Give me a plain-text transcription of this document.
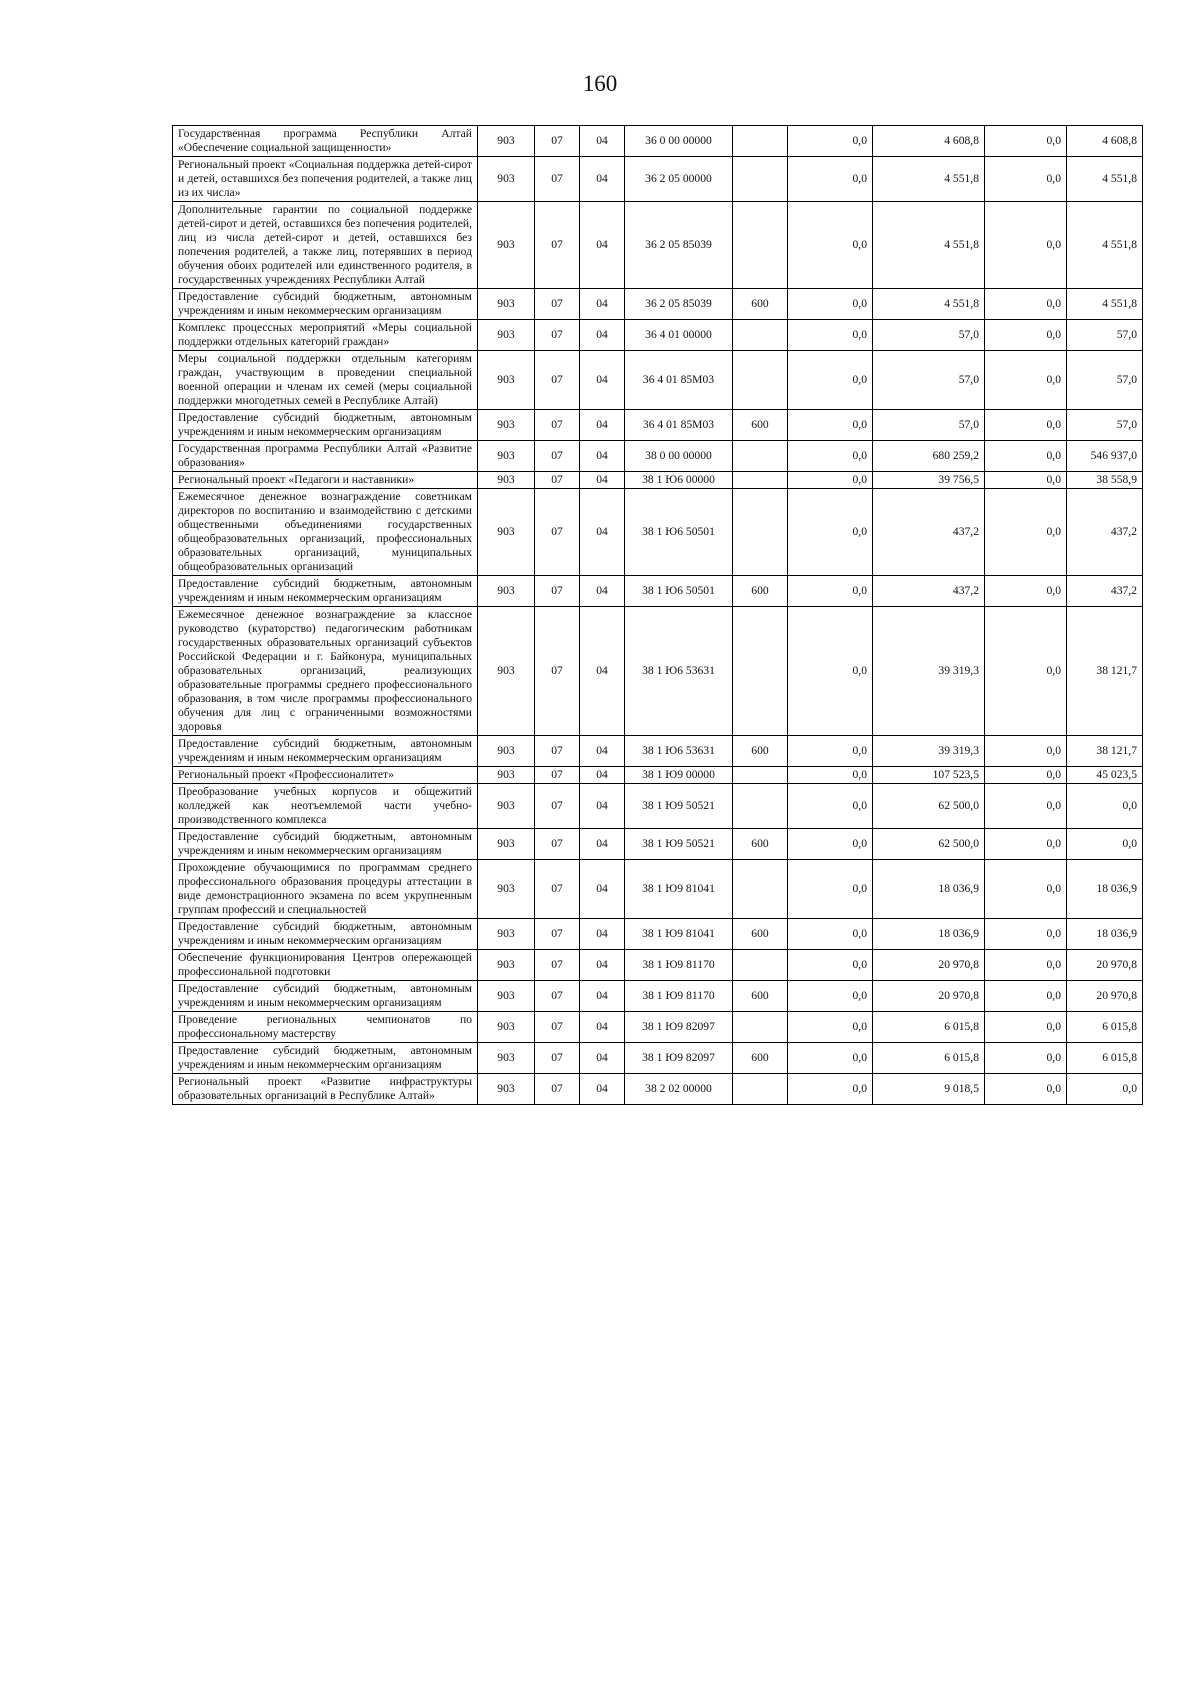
160
Государственная программа Республики Алтай «Обеспечение социальной защищенности»	903	07	04	36 0 00 00000		0,0	4 608,8	0,0	4 608,8
Региональный проект «Социальная поддержка детей-сирот и детей, оставшихся без попечения родителей, а также лиц из их числа»	903	07	04	36 2 05 00000		0,0	4 551,8	0,0	4 551,8
Дополнительные гарантии по социальной поддержке детей-сирот и детей, оставшихся без попечения родителей, лиц из числа детей-сирот и детей, оставшихся без попечения родителей, а также лиц, потерявших в период обучения обоих родителей или единственного родителя, в государственных учреждениях Республики Алтай	903	07	04	36 2 05 85039		0,0	4 551,8	0,0	4 551,8
Предоставление субсидий бюджетным, автономным учреждениям и иным некоммерческим организациям	903	07	04	36 2 05 85039	600	0,0	4 551,8	0,0	4 551,8
Комплекс процессных мероприятий «Меры социальной поддержки отдельных категорий граждан»	903	07	04	36 4 01 00000		0,0	57,0	0,0	57,0
Меры социальной поддержки отдельным категориям граждан, участвующим в проведении специальной военной операции и членам их семей (меры социальной поддержки многодетных семей в Республике Алтай)	903	07	04	36 4 01 85М03		0,0	57,0	0,0	57,0
Предоставление субсидий бюджетным, автономным учреждениям и иным некоммерческим организациям	903	07	04	36 4 01 85М03	600	0,0	57,0	0,0	57,0
Государственная программа Республики Алтай «Развитие образования»	903	07	04	38 0 00 00000		0,0	680 259,2	0,0	546 937,0
Региональный проект «Педагоги и наставники»	903	07	04	38 1 Ю6 00000		0,0	39 756,5	0,0	38 558,9
Ежемесячное денежное вознаграждение советникам директоров по воспитанию и взаимодействию с детскими общественными объединениями государственных общеобразовательных организаций, профессиональных образовательных организаций, муниципальных общеобразовательных организаций	903	07	04	38 1 Ю6 50501		0,0	437,2	0,0	437,2
Предоставление субсидий бюджетным, автономным учреждениям и иным некоммерческим организациям	903	07	04	38 1 Ю6 50501	600	0,0	437,2	0,0	437,2
Ежемесячное денежное вознаграждение за классное руководство (кураторство) педагогическим работникам государственных образовательных организаций субъектов Российской Федерации и г. Байконура, муниципальных образовательных организаций, реализующих образовательные программы среднего профессионального образования, в том числе программы профессионального обучения для лиц с ограниченными возможностями здоровья	903	07	04	38 1 Ю6 53631		0,0	39 319,3	0,0	38 121,7
Предоставление субсидий бюджетным, автономным учреждениям и иным некоммерческим организациям	903	07	04	38 1 Ю6 53631	600	0,0	39 319,3	0,0	38 121,7
Региональный проект «Профессионалитет»	903	07	04	38 1 Ю9 00000		0,0	107 523,5	0,0	45 023,5
Преобразование учебных корпусов и общежитий колледжей как неотъемлемой части учебно-производственного комплекса	903	07	04	38 1 Ю9 50521		0,0	62 500,0	0,0	0,0
Предоставление субсидий бюджетным, автономным учреждениям и иным некоммерческим организациям	903	07	04	38 1 Ю9 50521	600	0,0	62 500,0	0,0	0,0
Прохождение обучающимися по программам среднего профессионального образования процедуры аттестации в виде демонстрационного экзамена по всем укрупненным группам профессий и специальностей	903	07	04	38 1 Ю9 81041		0,0	18 036,9	0,0	18 036,9
Предоставление субсидий бюджетным, автономным учреждениям и иным некоммерческим организациям	903	07	04	38 1 Ю9 81041	600	0,0	18 036,9	0,0	18 036,9
Обеспечение функционирования Центров опережающей профессиональной подготовки	903	07	04	38 1 Ю9 81170		0,0	20 970,8	0,0	20 970,8
Предоставление субсидий бюджетным, автономным учреждениям и иным некоммерческим организациям	903	07	04	38 1 Ю9 81170	600	0,0	20 970,8	0,0	20 970,8
Проведение региональных чемпионатов по профессиональному мастерству	903	07	04	38 1 Ю9 82097		0,0	6 015,8	0,0	6 015,8
Предоставление субсидий бюджетным, автономным учреждениям и иным некоммерческим организациям	903	07	04	38 1 Ю9 82097	600	0,0	6 015,8	0,0	6 015,8
Региональный проект «Развитие инфраструктуры образовательных организаций в Республике Алтай»	903	07	04	38 2 02 00000		0,0	9 018,5	0,0	0,0
